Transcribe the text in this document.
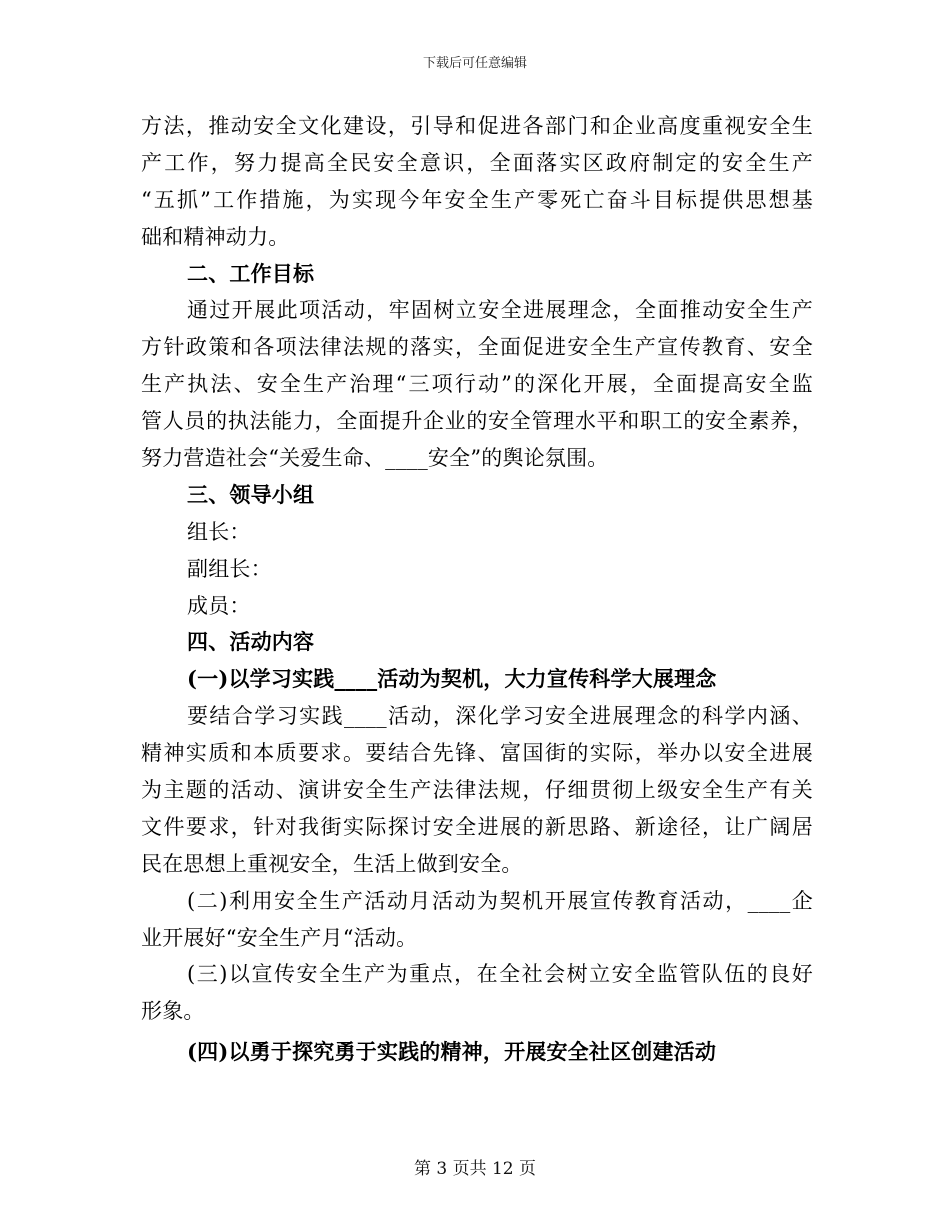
下载后可任意编辑
方法，推动安全文化建设，引导和促进各部门和企业高度重视安全生
产工作，努力提高全民安全意识，全面落实区政府制定的安全生产
“五抓”工作措施，为实现今年安全生产零死亡奋斗目标提供思想基
础和精神动力。
二、工作目标
通过开展此项活动，牢固树立安全进展理念，全面推动安全生产
方针政策和各项法律法规的落实，全面促进安全生产宣传教育、安全
生产执法、安全生产治理“三项行动”的深化开展，全面提高安全监
管人员的执法能力，全面提升企业的安全管理水平和职工的安全素养，
努力营造社会“关爱生命、____安全”的舆论氛围。
三、领导小组
组长：
副组长：
成员：
四、活动内容
(一)以学习实践____活动为契机，大力宣传科学大展理念
要结合学习实践____活动，深化学习安全进展理念的科学内涵、
精神实质和本质要求。要结合先锋、富国街的实际，举办以安全进展
为主题的活动、演讲安全生产法律法规，仔细贯彻上级安全生产有关
文件要求，针对我街实际探讨安全进展的新思路、新途径，让广阔居
民在思想上重视安全，生活上做到安全。
(二)利用安全生产活动月活动为契机开展宣传教育活动，____企
业开展好“安全生产月“活动。
(三)以宣传安全生产为重点，在全社会树立安全监管队伍的良好
形象。
(四)以勇于探究勇于实践的精神，开展安全社区创建活动
第 3 页共 12 页
